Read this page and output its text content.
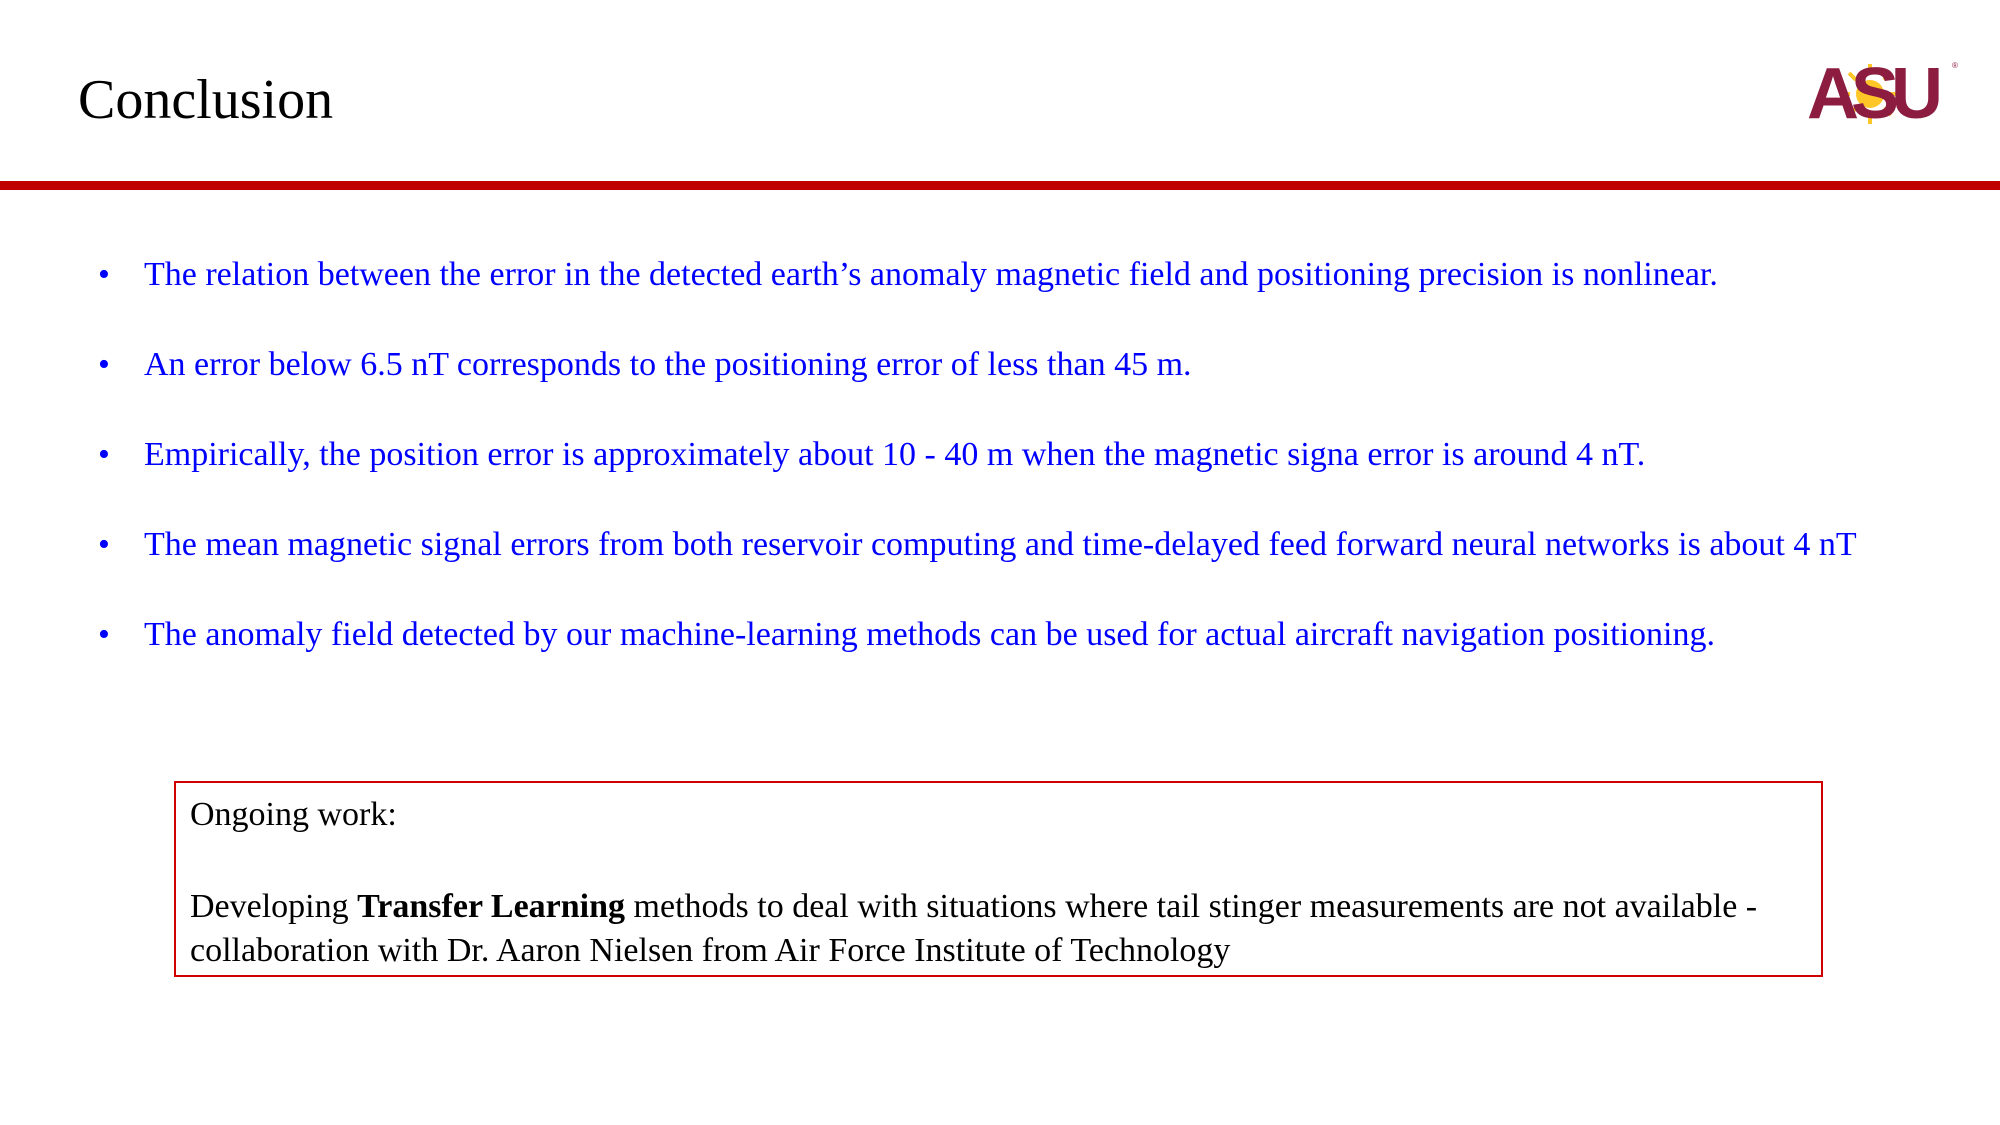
Conclusion	ASU	®
• The relation between the error in the detected earth’s anomaly magnetic field and positioning precision is nonlinear.
• An error below 6.5 nT corresponds to the positioning error of less than 45 m.
• Empirically, the position error is approximately about 10 - 40 m when the magnetic signa error is around 4 nT.
• The mean magnetic signal errors from both reservoir computing and time-delayed feed forward neural networks is about 4 nT
• The anomaly field detected by our machine-learning methods can be used for actual aircraft navigation positioning.
Ongoing work:
Developing Transfer Learning methods to deal with situations where tail stinger measurements are not available - collaboration with Dr. Aaron Nielsen from Air Force Institute of Technology
